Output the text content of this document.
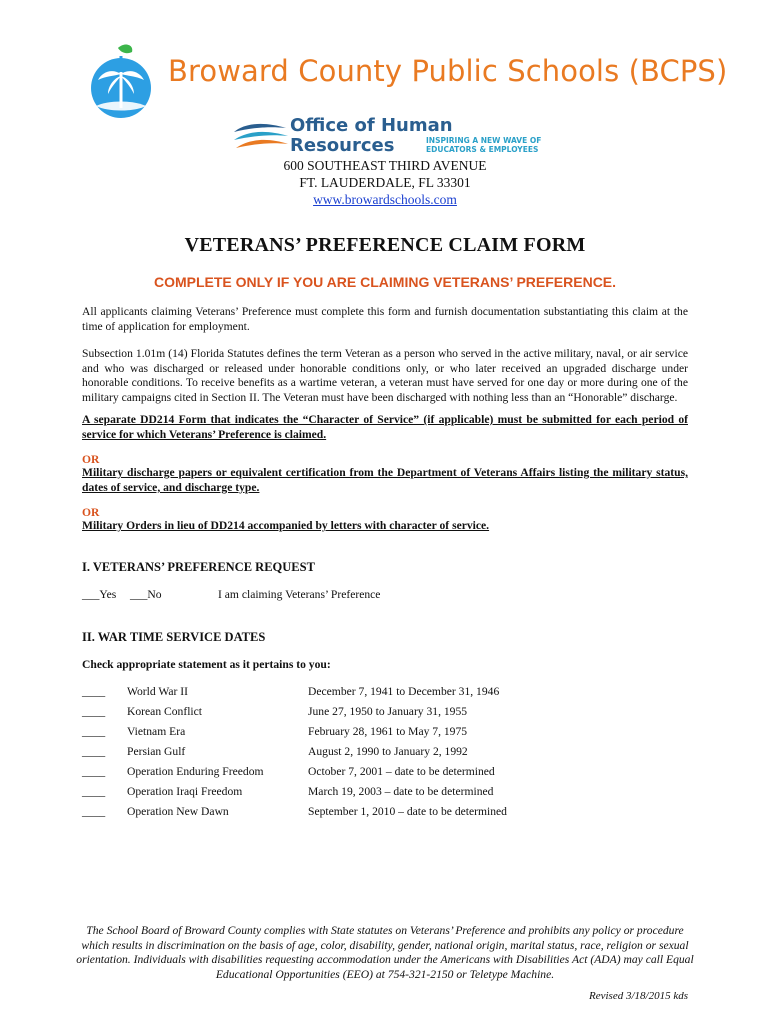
Broward County Public Schools (BCPS)
Office of Human
Resources	INSPIRING A NEW WAVE OF
EDUCATORS & EMPLOYEES
600 SOUTHEAST THIRD AVENUE
FT. LAUDERDALE, FL 33301
www.browardschools.com
VETERANS’ PREFERENCE CLAIM FORM
COMPLETE ONLY IF YOU ARE CLAIMING VETERANS’ PREFERENCE.
All applicants claiming Veterans’ Preference must complete this form and furnish documentation substantiating this claim at the time of application for employment.
Subsection 1.01m (14) Florida Statutes defines the term Veteran as a person who served in the active military, naval, or air service and who was discharged or released under honorable conditions only, or who later received an upgraded discharge under honorable conditions. To receive benefits as a wartime veteran, a veteran must have served for one day or more during one of the military campaigns cited in Section II. The Veteran must have been discharged with nothing less than an “Honorable” discharge.
A separate DD214 Form that indicates the “Character of Service” (if applicable) must be submitted for each period of service for which Veterans’ Preference is claimed.
OR
Military discharge papers or equivalent certification from the Department of Veterans Affairs listing the military status, dates of service, and discharge type.
OR
Military Orders in lieu of DD214 accompanied by letters with character of service.
I. VETERANS’ PREFERENCE REQUEST
___Yes ___No	I am claiming Veterans’ Preference
II. WAR TIME SERVICE DATES
Check appropriate statement as it pertains to you:
____ World War II	December 7, 1941 to December 31, 1946
____ Korean Conflict	June 27, 1950 to January 31, 1955
____ Vietnam Era	February 28, 1961 to May 7, 1975
____ Persian Gulf	August 2, 1990 to January 2, 1992
____ Operation Enduring Freedom	October 7, 2001 – date to be determined
____ Operation Iraqi Freedom	March 19, 2003 – date to be determined
____ Operation New Dawn	September 1, 2010 – date to be determined
The School Board of Broward County complies with State statutes on Veterans’ Preference and prohibits any policy or procedure which results in discrimination on the basis of age, color, disability, gender, national origin, marital status, race, religion or sexual orientation. Individuals with disabilities requesting accommodation under the Americans with Disabilities Act (ADA) may call Equal Educational Opportunities (EEO) at 754-321-2150 or Teletype Machine.
Revised 3/18/2015 kds
